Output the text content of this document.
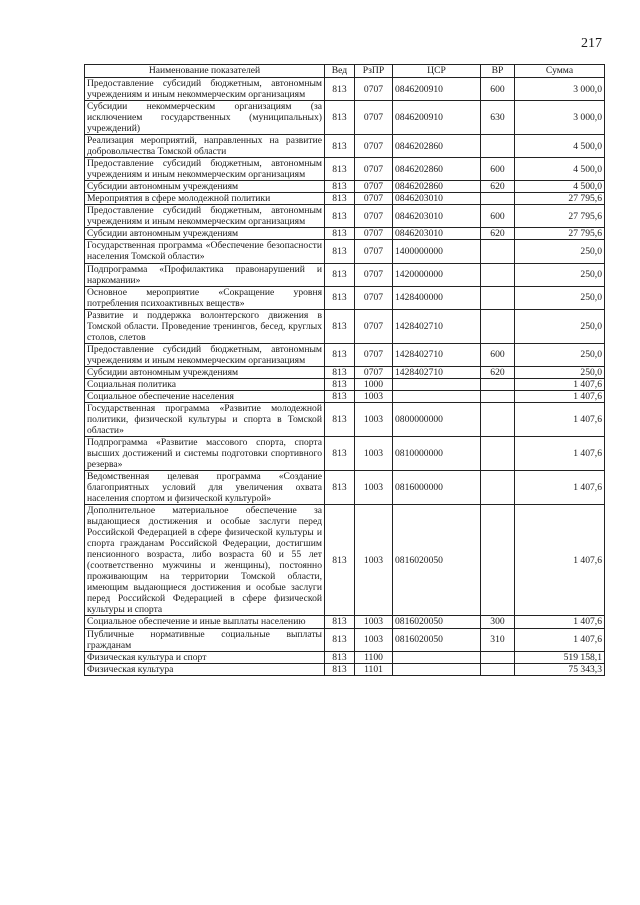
217
Наименование показателей	Вед	РзПР	ЦСР	ВР	Сумма
Предоставление субсидий бюджетным, автономным учреждениям и иным некоммерческим организациям	813	0707	0846200910	600	3 000,0
Субсидии некоммерческим организациям (за исключением государственных (муниципальных) учреждений)	813	0707	0846200910	630	3 000,0
Реализация мероприятий, направленных на развитие добровольчества Томской области	813	0707	0846202860		4 500,0
Предоставление субсидий бюджетным, автономным учреждениям и иным некоммерческим организациям	813	0707	0846202860	600	4 500,0
Субсидии автономным учреждениям	813	0707	0846202860	620	4 500,0
Мероприятия в сфере молодежной политики	813	0707	0846203010		27 795,6
Предоставление субсидий бюджетным, автономным учреждениям и иным некоммерческим организациям	813	0707	0846203010	600	27 795,6
Субсидии автономным учреждениям	813	0707	0846203010	620	27 795,6
Государственная программа «Обеспечение безопасности населения Томской области»	813	0707	1400000000		250,0
Подпрограмма «Профилактика правонарушений и наркомании»	813	0707	1420000000		250,0
Основное мероприятие «Сокращение уровня потребления психоактивных веществ»	813	0707	1428400000		250,0
Развитие и поддержка волонтерского движения в Томской области. Проведение тренингов, бесед, круглых столов, слетов	813	0707	1428402710		250,0
Предоставление субсидий бюджетным, автономным учреждениям и иным некоммерческим организациям	813	0707	1428402710	600	250,0
Субсидии автономным учреждениям	813	0707	1428402710	620	250,0
Социальная политика	813	1000			1 407,6
Социальное обеспечение населения	813	1003			1 407,6
Государственная программа «Развитие молодежной политики, физической культуры и спорта в Томской области»	813	1003	0800000000		1 407,6
Подпрограмма «Развитие массового спорта, спорта высших достижений и системы подготовки спортивного резерва»	813	1003	0810000000		1 407,6
Ведомственная целевая программа «Создание благоприятных условий для увеличения охвата населения спортом и физической культурой»	813	1003	0816000000		1 407,6
Дополнительное материальное обеспечение за выдающиеся достижения и особые заслуги перед Российской Федерацией в сфере физической культуры и спорта гражданам Российской Федерации, достигшим пенсионного возраста, либо возраста 60 и 55 лет (соответственно мужчины и женщины), постоянно проживающим на территории Томской области, имеющим выдающиеся достижения и особые заслуги перед Российской Федерацией в сфере физической культуры и спорта	813	1003	0816020050		1 407,6
Социальное обеспечение и иные выплаты населению	813	1003	0816020050	300	1 407,6
Публичные нормативные социальные выплаты гражданам	813	1003	0816020050	310	1 407,6
Физическая культура и спорт	813	1100			519 158,1
Физическая культура	813	1101			75 343,3
